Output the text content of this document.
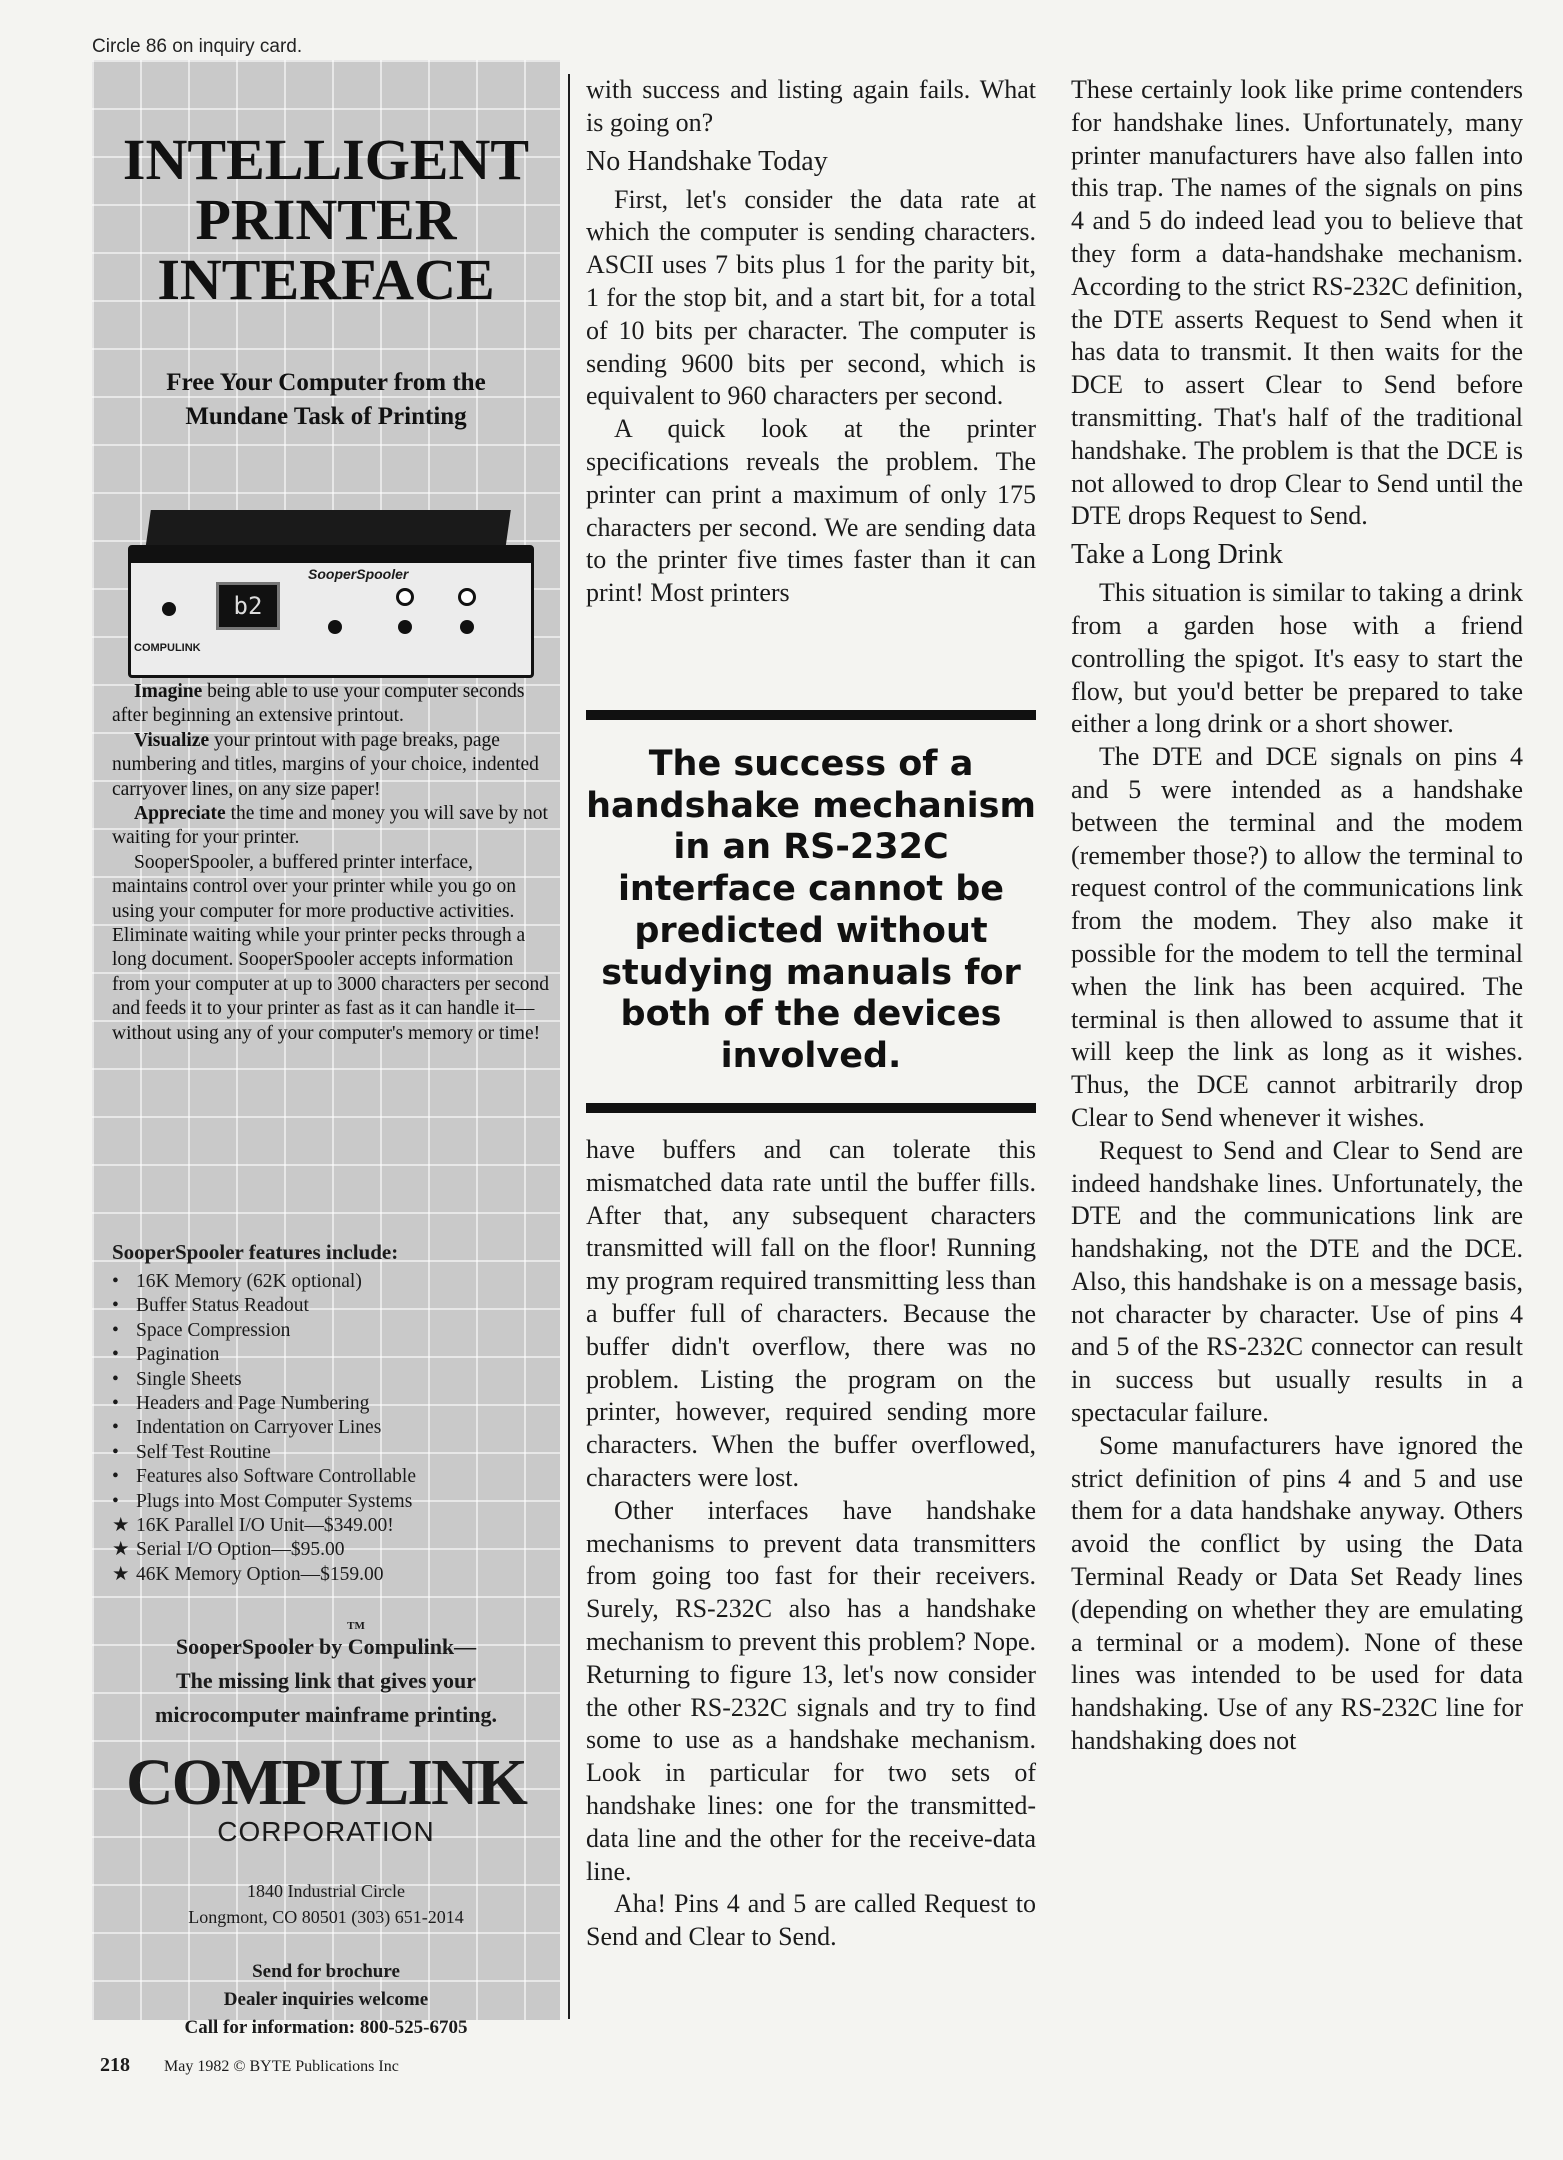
Circle 86 on inquiry card.
INTELLIGENT
PRINTER
INTERFACE
Free Your Computer from the
Mundane Task of Printing
b2
SooperSpooler
COMPULINK

Imagine being able to use your computer seconds after beginning an extensive printout.

Visualize your printout with page breaks, page numbering and titles, margins of your choice, indented carryover lines, on any size paper!

Appreciate the time and money you will save by not waiting for your printer.

SooperSpooler, a buffered printer interface, maintains control over your printer while you go on using your computer for more productive activities. Eliminate waiting while your printer pecks through a long document. SooperSpooler accepts information from your computer at up to 3000 characters per second and feeds it to your printer as fast as it can handle it—without using any of your computer's memory or time!

SooperSpooler features include:
• 16K Memory (62K optional)
• Buffer Status Readout
• Space Compression
• Pagination
• Single Sheets
• Headers and Page Numbering
• Indentation on Carryover Lines
• Self Test Routine
• Features also Software Controllable
• Plugs into Most Computer Systems
★ 16K Parallel I/O Unit—$349.00!
★ Serial I/O Option—$95.00
★ 46K Memory Option—$159.00
TM
SooperSpooler by Compulink—
The missing link that gives your
microcomputer mainframe printing.
COMPULINK
CORPORATION
1840 Industrial Circle
Longmont, CO 80501 (303) 651-2014
Send for brochure
Dealer inquiries welcome
Call for information: 800-525-6705

with success and listing again fails. What is going on?

No Handshake Today

First, let's consider the data rate at which the computer is sending characters. ASCII uses 7 bits plus 1 for the parity bit, 1 for the stop bit, and a start bit, for a total of 10 bits per character. The computer is sending 9600 bits per second, which is equivalent to 960 characters per second.

A quick look at the printer specifications reveals the problem. The printer can print a maximum of only 175 characters per second. We are sending data to the printer five times faster than it can print! Most printers

The success of a handshake mechanism in an RS-232C interface cannot be predicted without studying manuals for both of the devices involved.

have buffers and can tolerate this mismatched data rate until the buffer fills. After that, any subsequent characters transmitted will fall on the floor! Running my program required transmitting less than a buffer full of characters. Because the buffer didn't overflow, there was no problem. Listing the program on the printer, however, required sending more characters. When the buffer overflowed, characters were lost.

Other interfaces have handshake mechanisms to prevent data transmitters from going too fast for their receivers. Surely, RS-232C also has a handshake mechanism to prevent this problem? Nope. Returning to figure 13, let's now consider the other RS-232C signals and try to find some to use as a handshake mechanism. Look in particular for two sets of handshake lines: one for the transmitted-data line and the other for the receive-data line.

Aha! Pins 4 and 5 are called Request to Send and Clear to Send.

These certainly look like prime contenders for handshake lines. Unfortunately, many printer manufacturers have also fallen into this trap. The names of the signals on pins 4 and 5 do indeed lead you to believe that they form a data-handshake mechanism. According to the strict RS-232C definition, the DTE asserts Request to Send when it has data to transmit. It then waits for the DCE to assert Clear to Send before transmitting. That's half of the traditional handshake. The problem is that the DCE is not allowed to drop Clear to Send until the DTE drops Request to Send.

Take a Long Drink

This situation is similar to taking a drink from a garden hose with a friend controlling the spigot. It's easy to start the flow, but you'd better be prepared to take either a long drink or a short shower.

The DTE and DCE signals on pins 4 and 5 were intended as a handshake between the terminal and the modem (remember those?) to allow the terminal to request control of the communications link from the modem. They also make it possible for the modem to tell the terminal when the link has been acquired. The terminal is then allowed to assume that it will keep the link as long as it wishes. Thus, the DCE cannot arbitrarily drop Clear to Send whenever it wishes.

Request to Send and Clear to Send are indeed handshake lines. Unfortunately, the DTE and the communications link are handshaking, not the DTE and the DCE. Also, this handshake is on a message basis, not character by character. Use of pins 4 and 5 of the RS-232C connector can result in success but usually results in a spectacular failure.

Some manufacturers have ignored the strict definition of pins 4 and 5 and use them for a data handshake anyway. Others avoid the conflict by using the Data Terminal Ready or Data Set Ready lines (depending on whether they are emulating a terminal or a modem). None of these lines was intended to be used for data handshaking. Use of any RS-232C line for handshaking does not

218 May 1982 © BYTE Publications Inc
